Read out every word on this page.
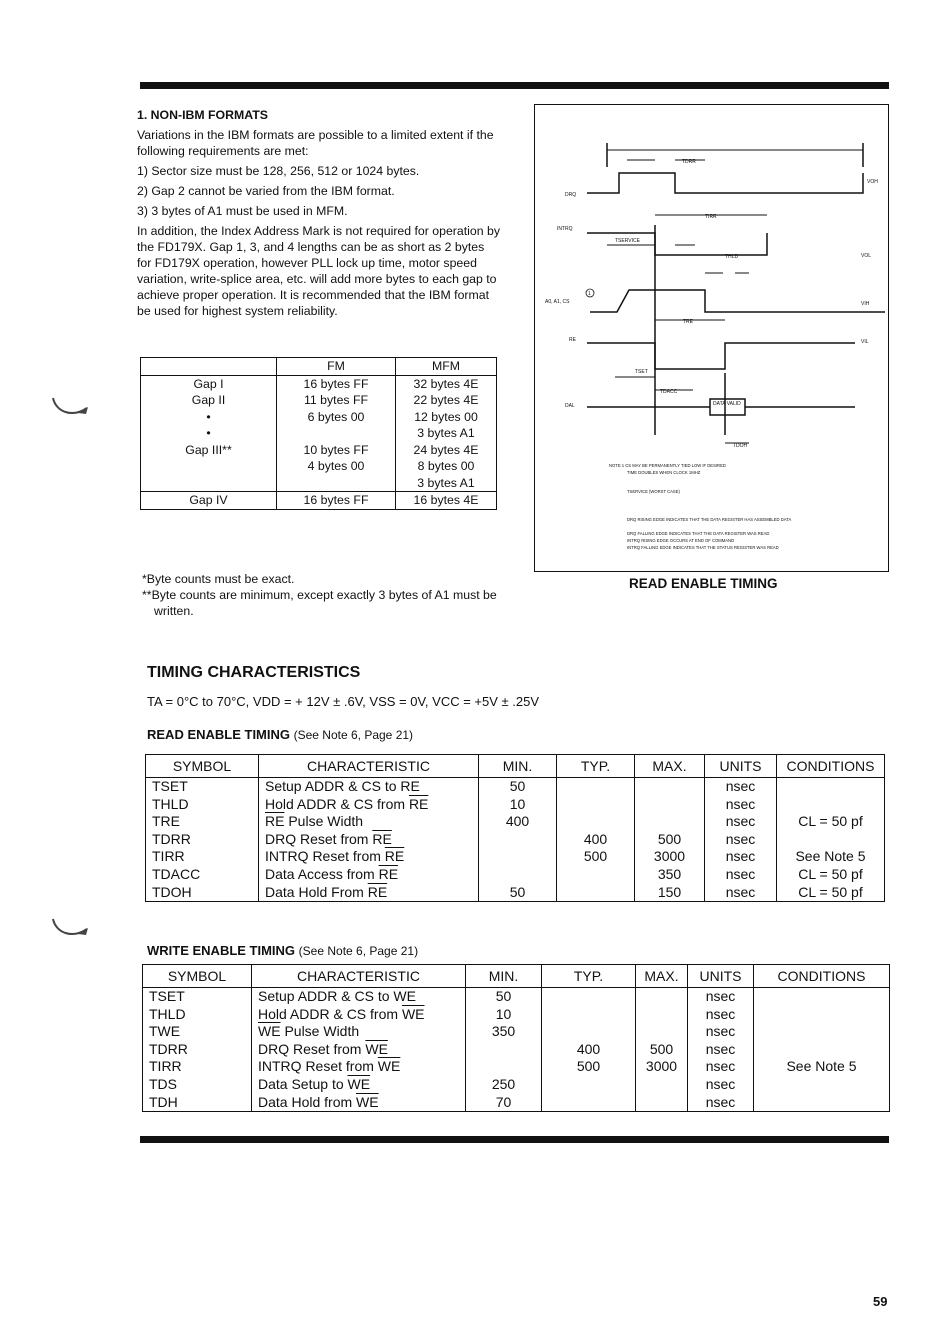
1. NON-IBM FORMATS

Variations in the IBM formats are possible to a limited extent if the following requirements are met:

1) Sector size must be 128, 256, 512 or 1024 bytes.

2) Gap 2 cannot be varied from the IBM format.

3) 3 bytes of A1 must be used in MFM.

In addition, the Index Address Mark is not required for operation by the FD179X. Gap 1, 3, and 4 lengths can be as short as 2 bytes for FD179X operation, however PLL lock up time, motor speed variation, write-splice area, etc. will add more bytes to each gap to achieve proper operation. It is recommended that the IBM format be used for highest system reliability.

	FM	MFM
Gap I	16 bytes FF	32 bytes 4E
Gap II	11 bytes FF	22 bytes 4E
•	6 bytes 00	12 bytes 00
•		3 bytes A1
Gap III**	10 bytes FF	24 bytes 4E
	4 bytes 00	8 bytes 00
		3 bytes A1
Gap IV	16 bytes FF	16 bytes 4E

*Byte counts must be exact.

**Byte counts are minimum, except exactly 3 bytes of A1 must be written.

DRQ
INTRQ
A0, A1, CS
RE
DAL
TDRR
TIRR
TSERVICE
THLD
TRE
TSET
TDACC
TDOH
DATA VALID
VOH
VOL
VIH
VIL
1
NOTE 1 CS MAY BE PERMANENTLY TIED LOW IF DESIRED
TIME DOUBLES WHEN CLOCK 1MHZ
TSERVICE (WORST CASE)
DRQ RISING EDGE INDICATES THAT THE DATA REGISTER HAS ASSEMBLED DATA
DRQ FALLING EDGE INDICATES THAT THE DATA REGISTER WAS READ
INTRQ RISING EDGE OCCURS AT END OF COMMAND
INTRQ FALLING EDGE INDICATES THAT THE STATUS REGISTER WAS READ
READ ENABLE TIMING
TIMING CHARACTERISTICS
TA = 0°C to 70°C, VDD = + 12V ± .6V, VSS = 0V, VCC = +5V ± .25V
READ ENABLE TIMING (See Note 6, Page 21)
SYMBOL	CHARACTERISTIC	MIN.	TYP.	MAX.	UNITS	CONDITIONS
TSET	Setup ADDR & CS to $\overline{RE}$	50			nsec	
THLD	Hold ADDR & CS from $\overline{RE}$	10			nsec	
TRE	$\overline{RE}$ Pulse Width	400			nsec	CL = 50 pf
TDRR	DRQ Reset from $\overline{RE}$		400	500	nsec	
TIRR	INTRQ Reset from $\overline{RE}$		500	3000	nsec	See Note 5
TDACC	Data Access from $\overline{RE}$			350	nsec	CL = 50 pf
TDOH	Data Hold From $\overline{RE}$	50		150	nsec	CL = 50 pf
WRITE ENABLE TIMING (See Note 6, Page 21)
SYMBOL	CHARACTERISTIC	MIN.	TYP.	MAX.	UNITS	CONDITIONS
TSET	Setup ADDR & CS to $\overline{WE}$	50			nsec	
THLD	Hold ADDR & CS from $\overline{WE}$	10			nsec	
TWE	$\overline{WE}$ Pulse Width	350			nsec	
TDRR	DRQ Reset from $\overline{WE}$		400	500	nsec	
TIRR	INTRQ Reset from $\overline{WE}$		500	3000	nsec	See Note 5
TDS	Data Setup to $\overline{WE}$	250			nsec	
TDH	Data Hold from $\overline{WE}$	70			nsec	
59
